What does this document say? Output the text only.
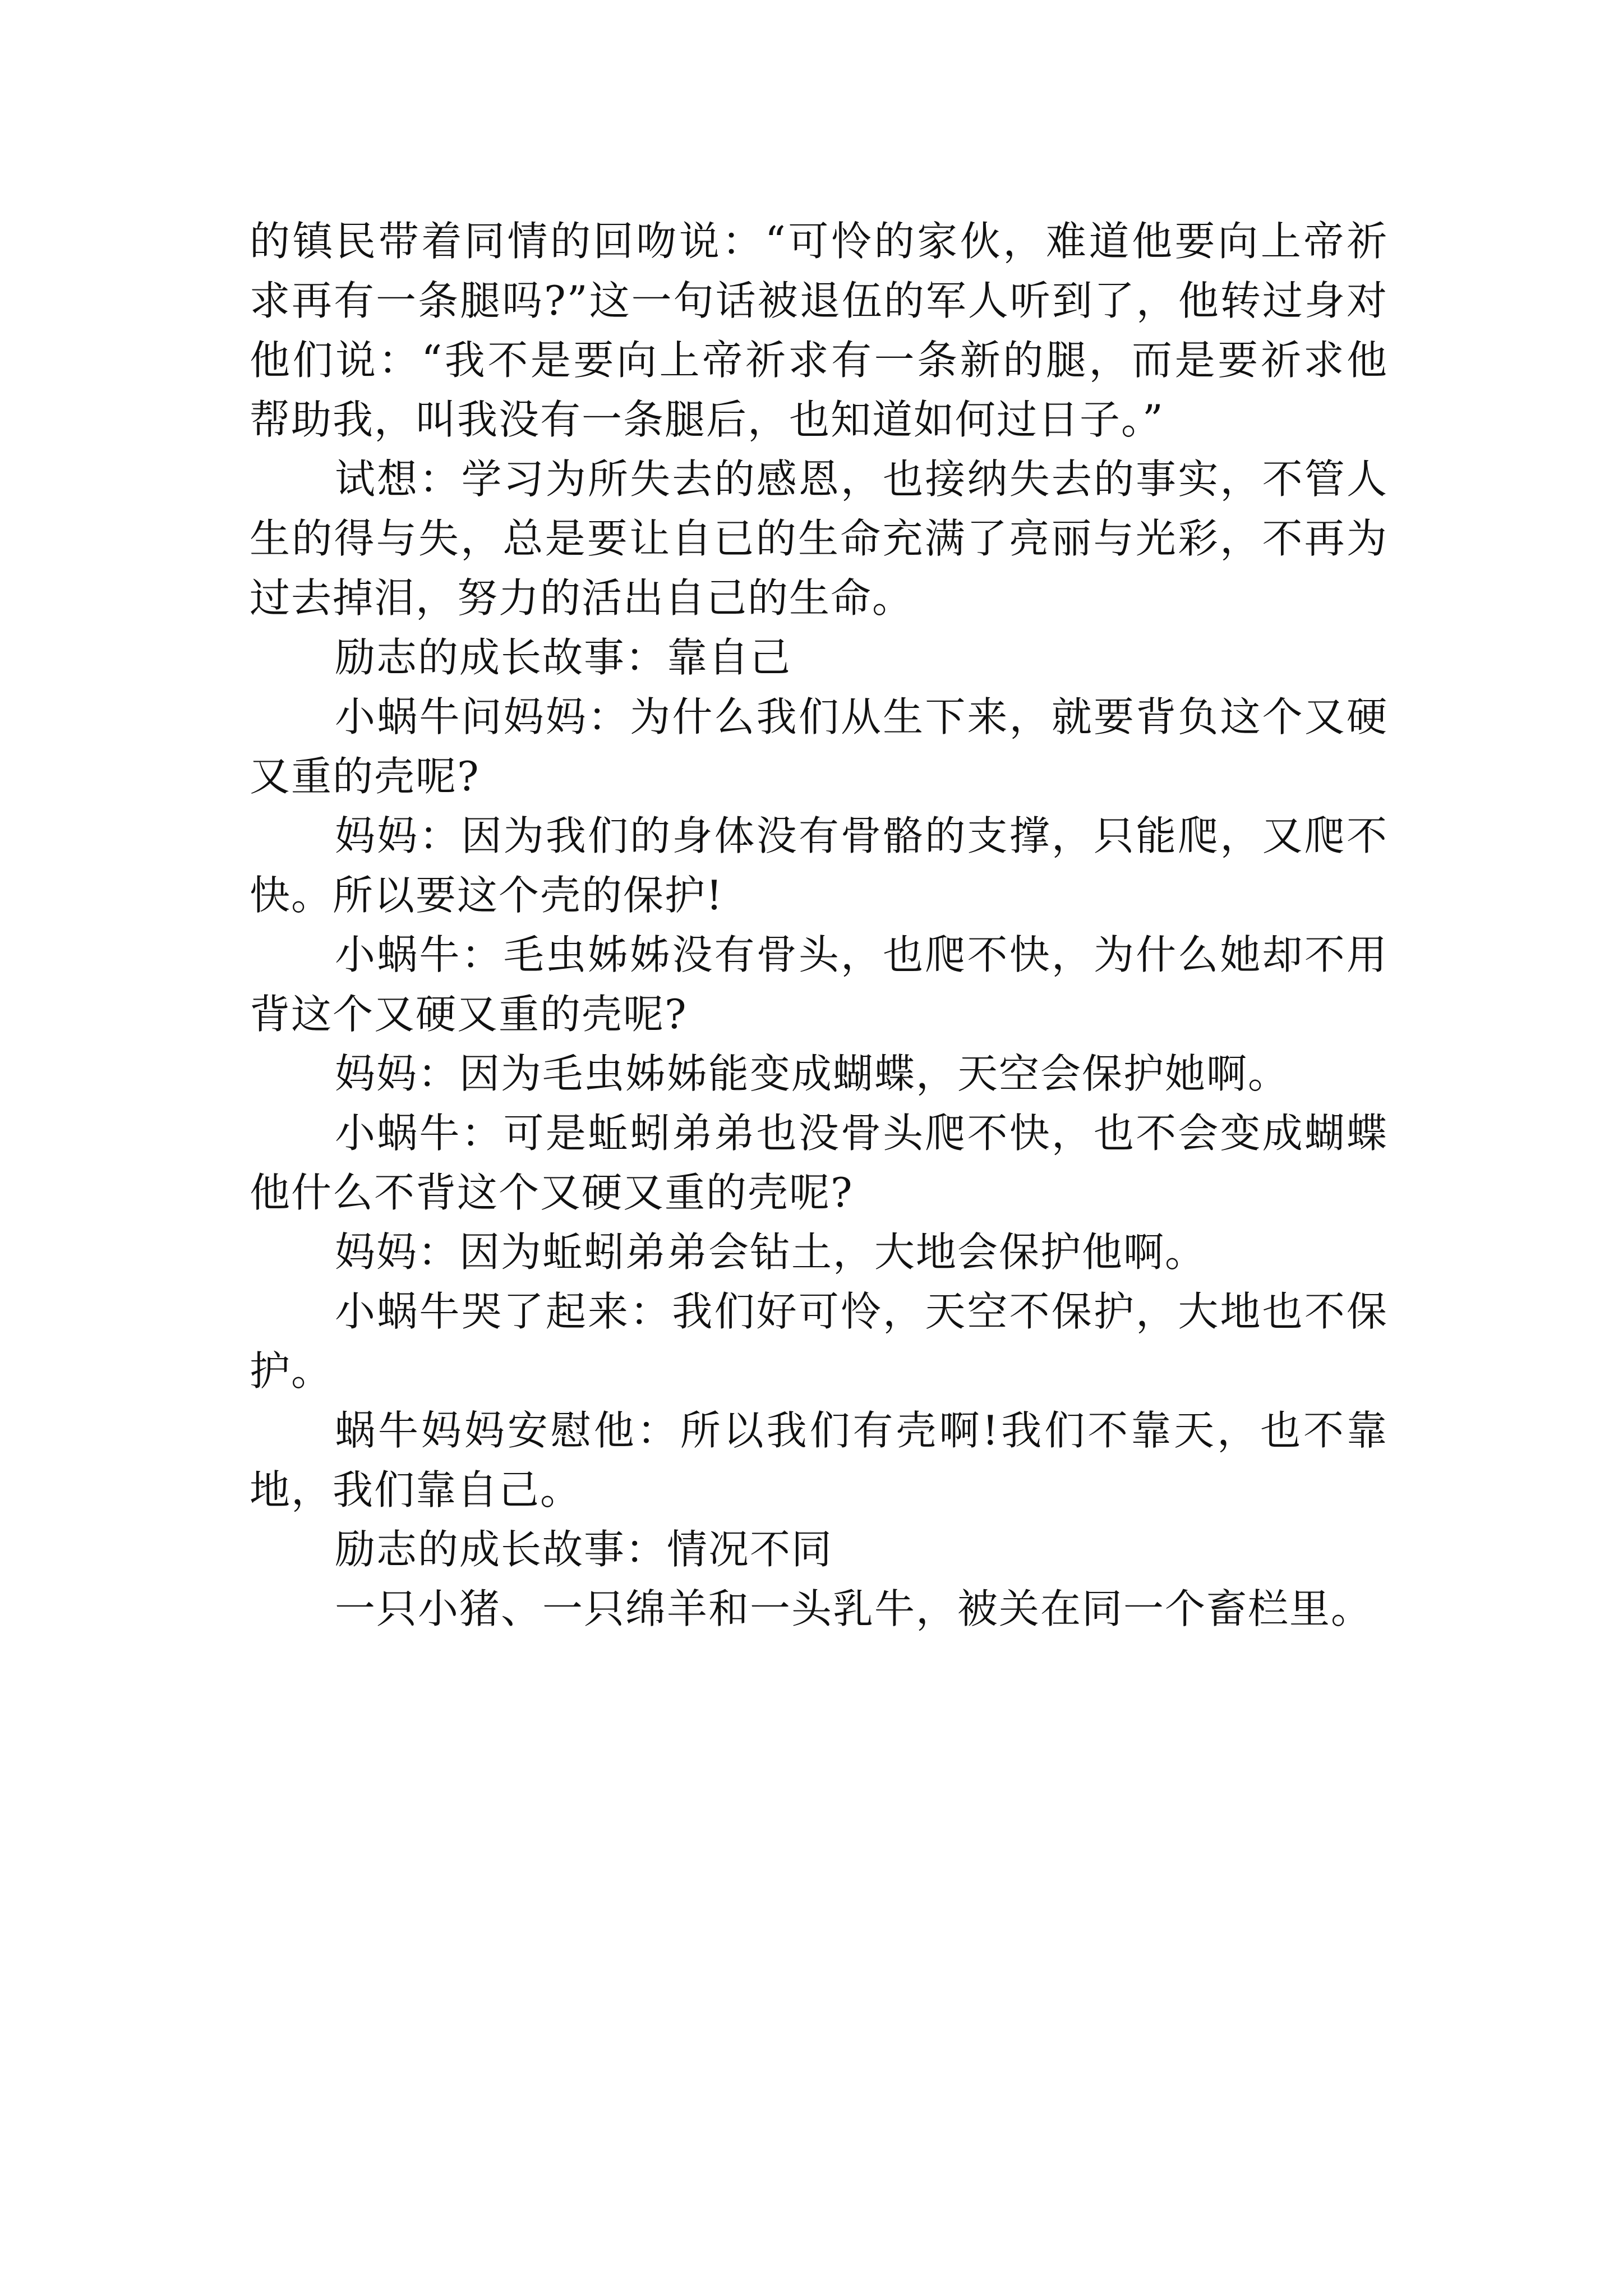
的镇民带着同情的回吻说：“可怜的家伙，难道他要向上帝祈求再有一条腿吗?”这一句话被退伍的军人听到了，他转过身对他们说：“我不是要向上帝祈求有一条新的腿，而是要祈求他帮助我，叫我没有一条腿后，也知道如何过日子。”

试想：学习为所失去的感恩，也接纳失去的事实，不管人生的得与失，总是要让自已的生命充满了亮丽与光彩，不再为过去掉泪，努力的活出自己的生命。

励志的成长故事：靠自己

小蜗牛问妈妈：为什么我们从生下来，就要背负这个又硬又重的壳呢?

妈妈：因为我们的身体没有骨骼的支撑，只能爬，又爬不快。所以要这个壳的保护!

小蜗牛：毛虫姊姊没有骨头，也爬不快，为什么她却不用背这个又硬又重的壳呢?

妈妈：因为毛虫姊姊能变成蝴蝶，天空会保护她啊。

小蜗牛：可是蚯蚓弟弟也没骨头爬不快，也不会变成蝴蝶他什么不背这个又硬又重的壳呢?

妈妈：因为蚯蚓弟弟会钻土，大地会保护他啊。

小蜗牛哭了起来：我们好可怜，天空不保护，大地也不保护。

蜗牛妈妈安慰他：所以我们有壳啊!我们不靠天，也不靠地，我们靠自己。

励志的成长故事：情况不同

一只小猪、一只绵羊和一头乳牛，被关在同一个畜栏里。
